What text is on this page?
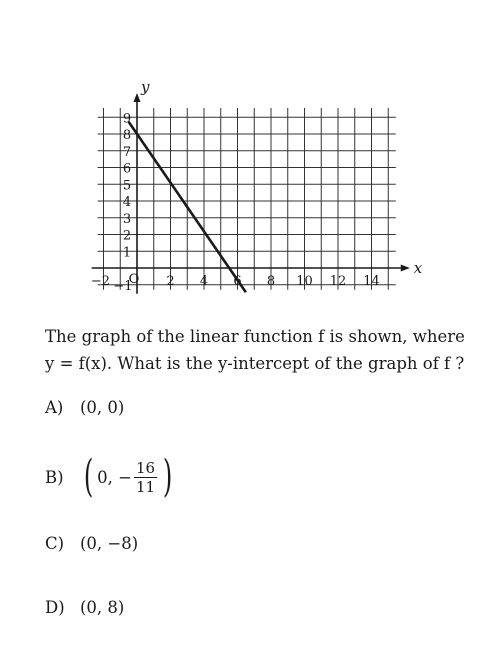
x
y
O
−2	2 4 6 8 10 12 14
−1
1
2
3
4
5
6
7
8
9

The graph of the linear function f is shown, where
y = f(x). What is the y-intercept of the graph of f ?

A)	(0, 0)
B) ( 0, − $\frac{16}{11}$ )
C) (0, −8)
D) (0, 8)
